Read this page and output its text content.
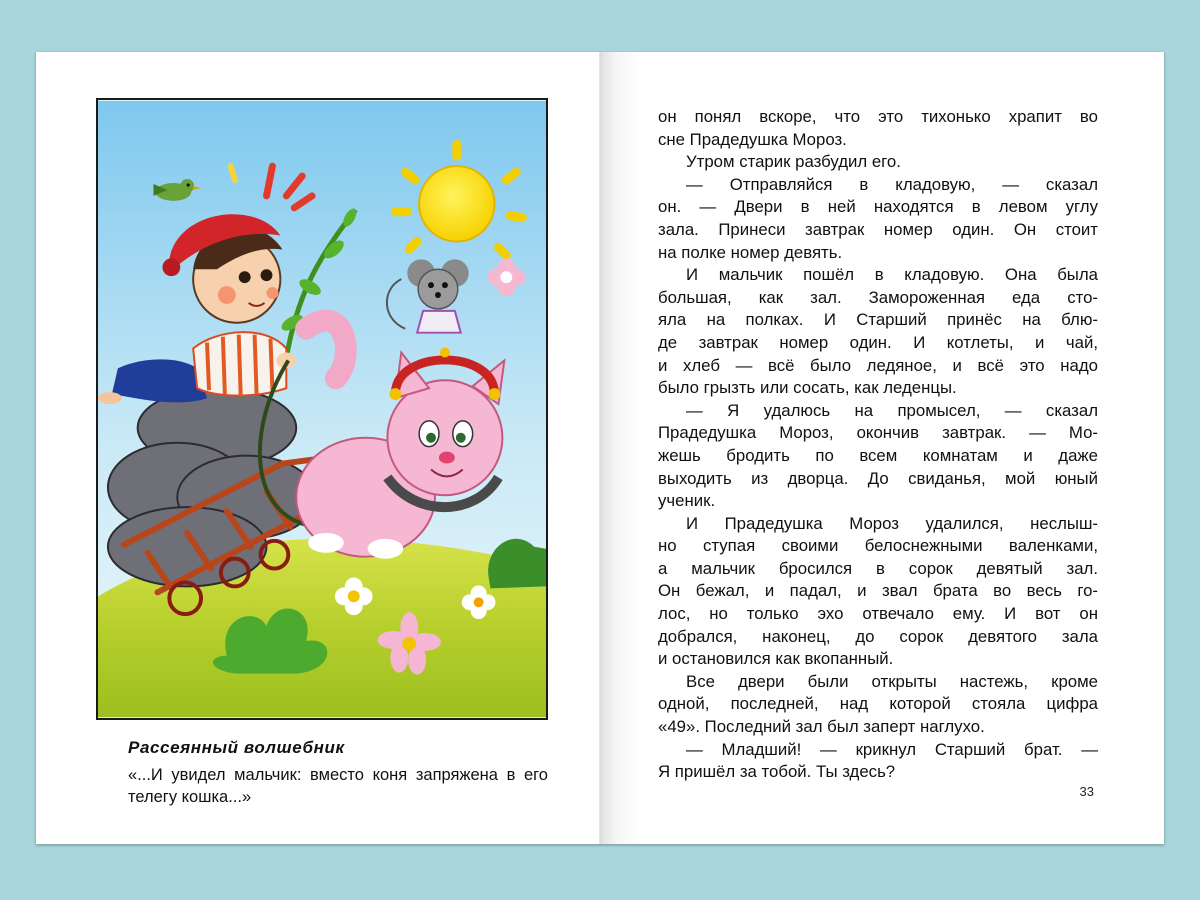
Рассеянный волшебник

«...И увидел мальчик: вместо коня запряжена в его телегу кошка...»

он понял вскоре, что это тихонько храпит во
сне Прадедушка Мороз.
Утром старик разбудил его.
— Отправляйся в кладовую, — сказал
он. — Двери в ней находятся в левом углу
зала. Принеси завтрак номер один. Он стоит
на полке номер девять.
И мальчик пошёл в кладовую. Она была
большая, как зал. Замороженная еда сто-
яла на полках. И Старший принёс на блю-
де завтрак номер один. И котлеты, и чай,
и хлеб — всё было ледяное, и всё это надо
было грызть или сосать, как леденцы.
— Я удалюсь на промысел, — сказал
Прадедушка Мороз, окончив завтрак. — Мо-
жешь бродить по всем комнатам и даже
выходить из дворца. До свиданья, мой юный
ученик.
И Прадедушка Мороз удалился, неслыш-
но ступая своими белоснежными валенками,
а мальчик бросился в сорок девятый зал.
Он бежал, и падал, и звал брата во весь го-
лос, но только эхо отвечало ему. И вот он
добрался, наконец, до сорок девятого зала
и остановился как вкопанный.
Все двери были открыты настежь, кроме
одной, последней, над которой стояла цифра
«49». Последний зал был заперт наглухо.
— Младший! — крикнул Старший брат. —
Я пришёл за тобой. Ты здесь?
33
